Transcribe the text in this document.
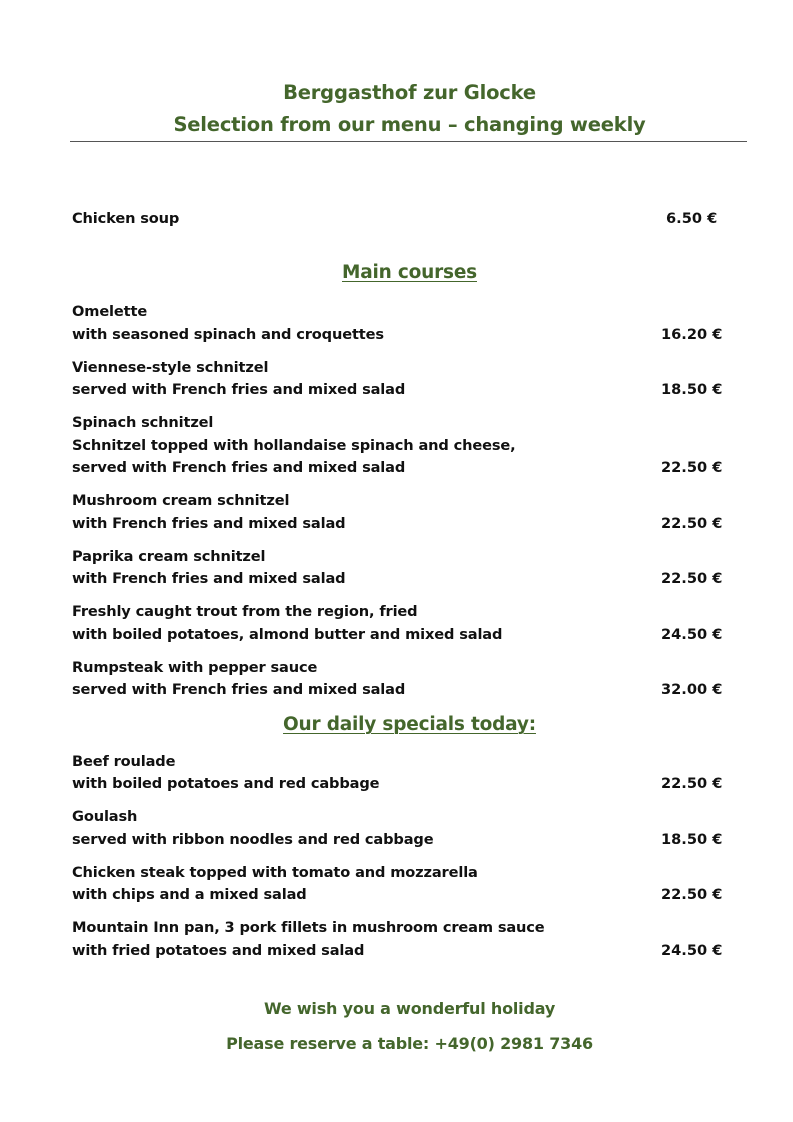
Berggasthof zur Glocke
Selection from our menu – changing weekly
Chicken soup	6.50 €
Main courses
Omelette
with seasoned spinach and croquettes	16.20 €
Viennese-style schnitzel
served with French fries and mixed salad	18.50 €
Spinach schnitzel
Schnitzel topped with hollandaise spinach and cheese,
served with French fries and mixed salad	22.50 €
Mushroom cream schnitzel
with French fries and mixed salad	22.50 €
Paprika cream schnitzel
with French fries and mixed salad	22.50 €
Freshly caught trout from the region, fried
with boiled potatoes, almond butter and mixed salad	24.50 €
Rumpsteak with pepper sauce
served with French fries and mixed salad	32.00 €
Our daily specials today:
Beef roulade
with boiled potatoes and red cabbage	22.50 €
Goulash
served with ribbon noodles and red cabbage	18.50 €
Chicken steak topped with tomato and mozzarella
with chips and a mixed salad	22.50 €
Mountain Inn pan, 3 pork fillets in mushroom cream sauce
with fried potatoes and mixed salad	24.50 €
We wish you a wonderful holiday
Please reserve a table: +49(0) 2981 7346
